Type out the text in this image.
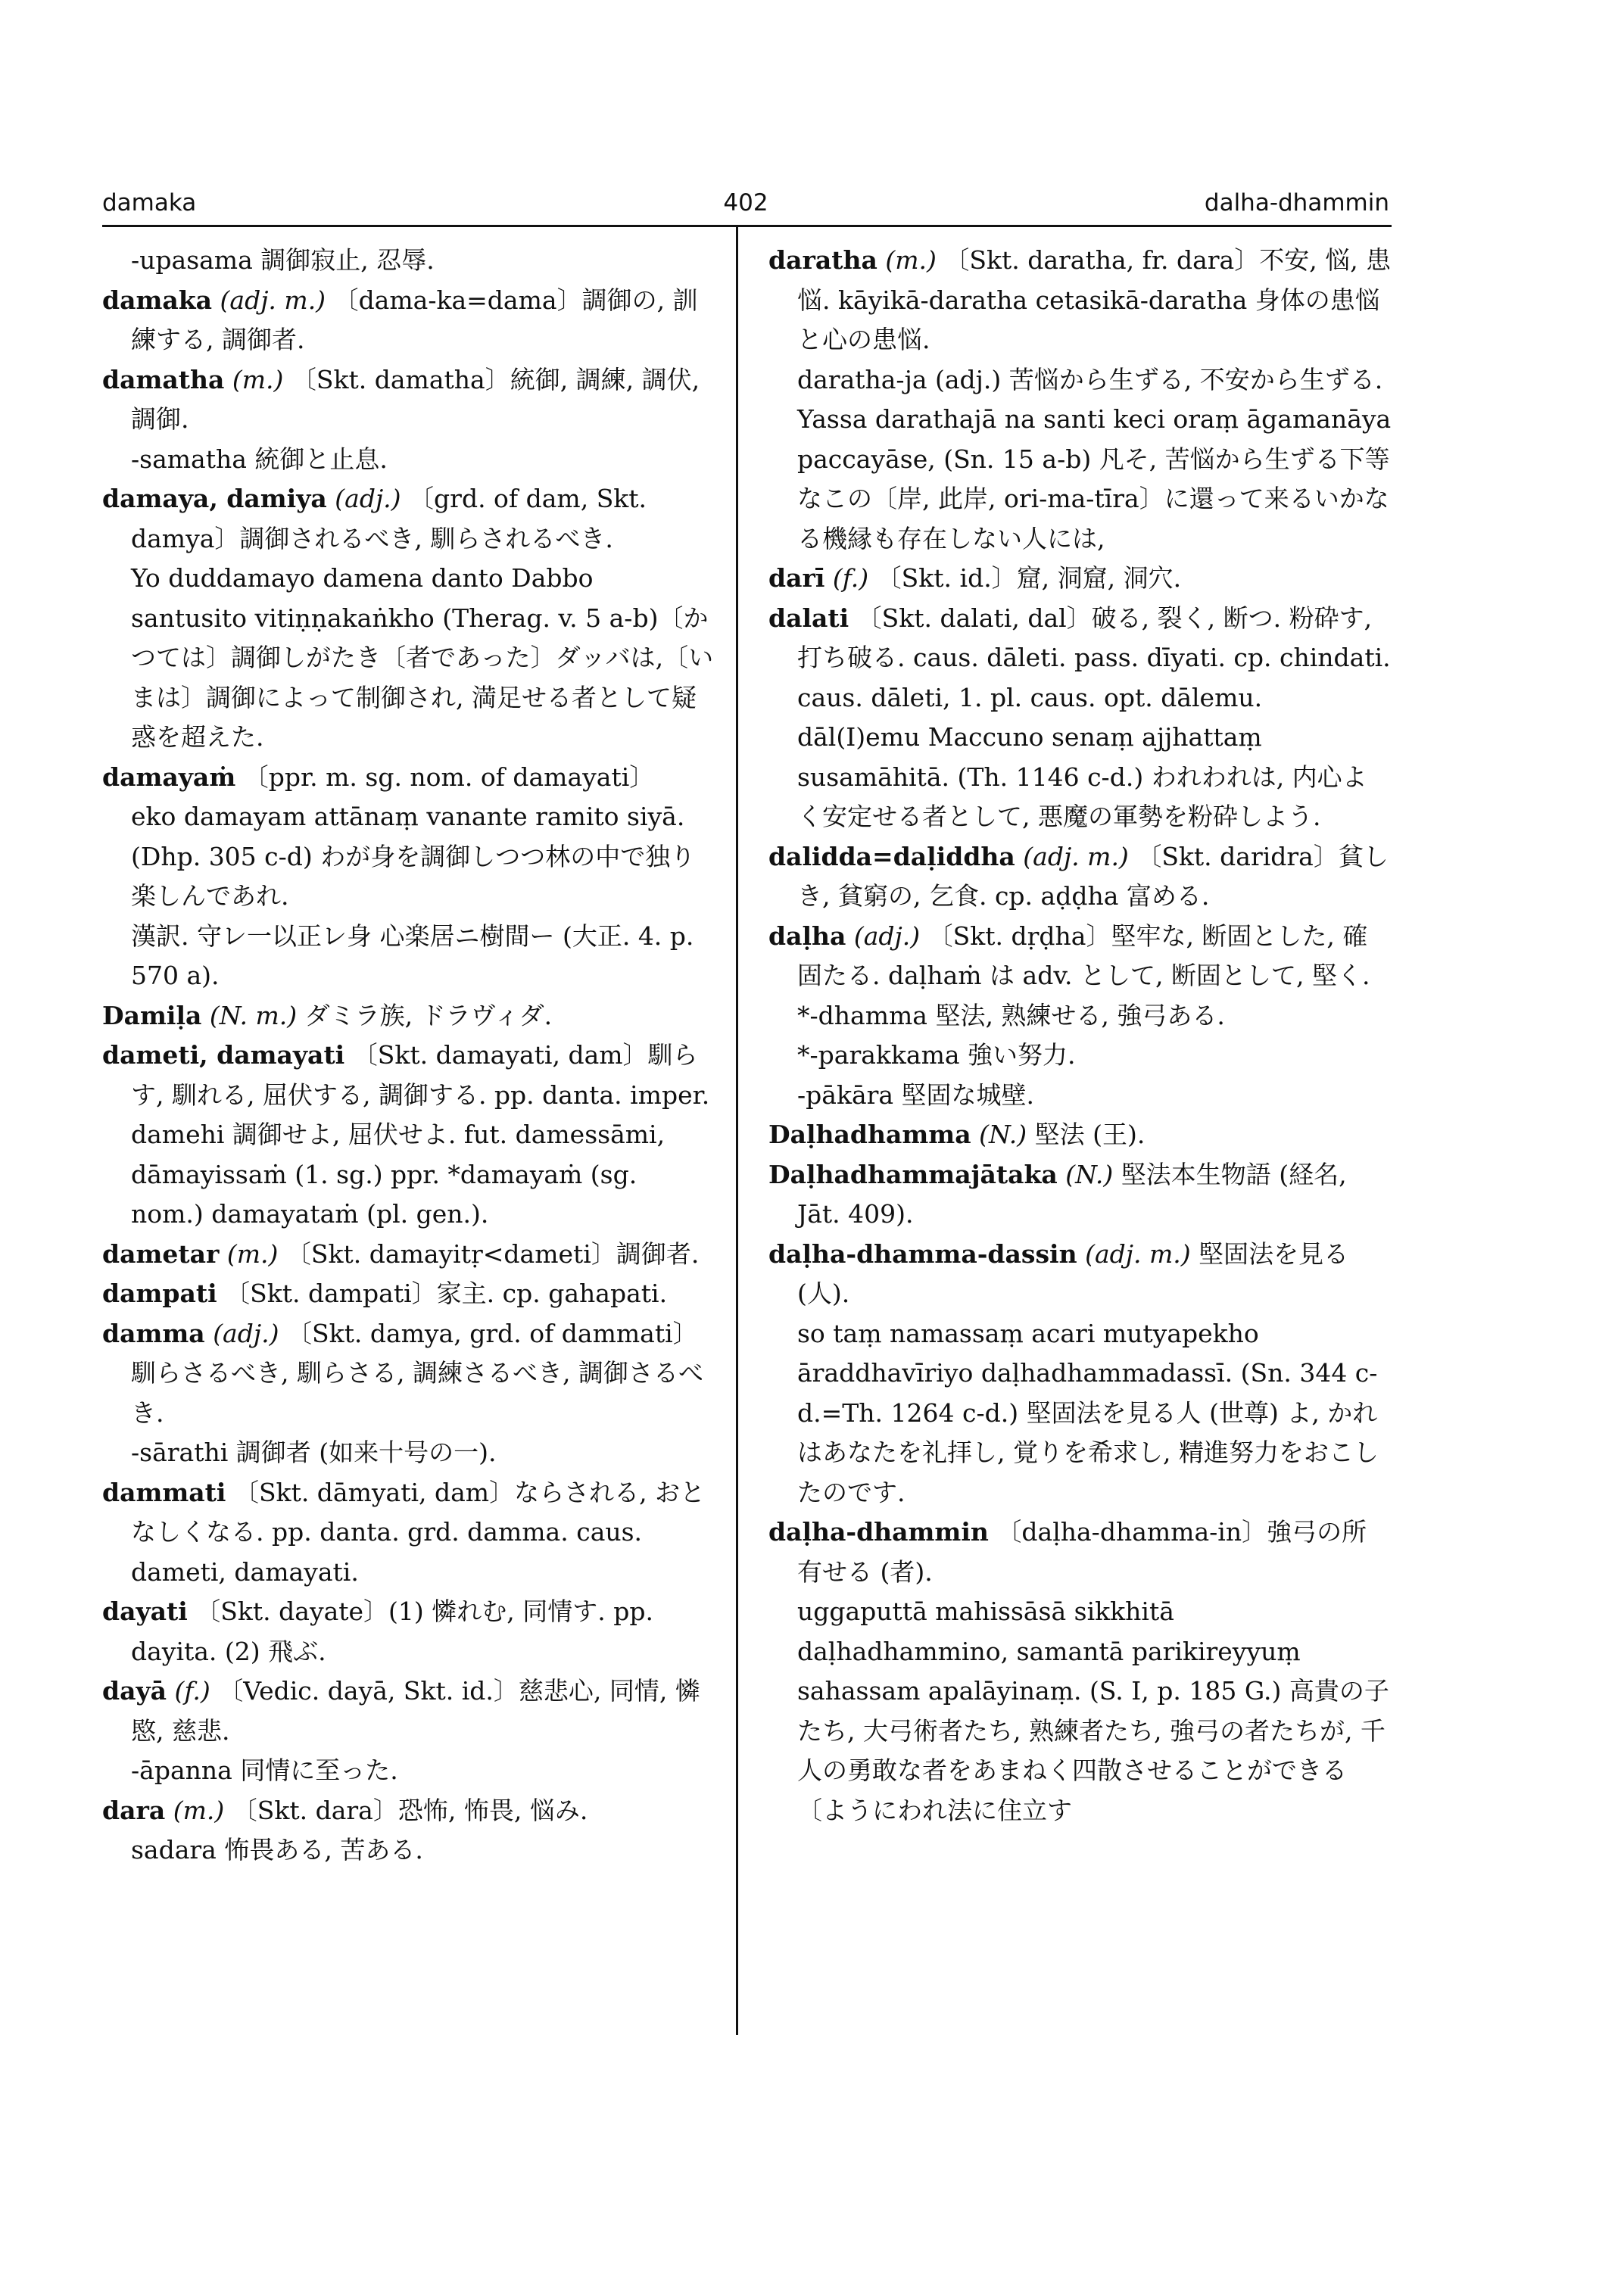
damaka	402	dalha-dhammin

-upasama 調御寂止, 忍辱.

damaka (adj. m.) 〔dama-ka=dama〕調御の, 訓練する, 調御者.

damatha (m.) 〔Skt. damatha〕統御, 調練, 調伏, 調御.

-samatha 統御と止息.

damaya, damiya (adj.) 〔grd. of dam, Skt. damya〕調御されるべき, 馴らされるべき.

Yo duddamayo damena danto Dabbo santusito vitiṇṇakaṅkho (Therag. v. 5 a-b)〔かつては〕調御しがたき〔者であった〕ダッバは,〔いまは〕調御によって制御され, 満足せる者として疑惑を超えた.

damayaṁ 〔ppr. m. sg. nom. of damayati〕

eko damayam attānaṃ vanante ramito siyā. (Dhp. 305 c-d) わが身を調御しつつ林の中で独り楽しんであれ.

漢訳. 守レ一以正レ身 心楽居ニ樹間ー (大正. 4. p. 570 a).

Damiḷa (N. m.) ダミラ族, ドラヴィダ.

dameti, damayati 〔Skt. damayati, dam〕馴らす, 馴れる, 屈伏する, 調御する. pp. danta. imper. damehi 調御せよ, 屈伏せよ. fut. damessāmi, dāmayissaṁ (1. sg.) ppr. *damayaṁ (sg. nom.) damayataṁ (pl. gen.).

dametar (m.) 〔Skt. damayitṛ<dameti〕調御者.

dampati 〔Skt. dampati〕家主. cp. gahapati.

damma (adj.) 〔Skt. damya, grd. of dammati〕馴らさるべき, 馴らさる, 調練さるべき, 調御さるべき.

-sārathi 調御者 (如来十号の一).

dammati 〔Skt. dāmyati, dam〕ならされる, おとなしくなる. pp. danta. grd. damma. caus. dameti, damayati.

dayati 〔Skt. dayate〕(1) 憐れむ, 同情す. pp. dayita. (2) 飛ぶ.

dayā (f.) 〔Vedic. dayā, Skt. id.〕慈悲心, 同情, 憐愍, 慈悲.

-āpanna 同情に至った.

dara (m.) 〔Skt. dara〕恐怖, 怖畏, 悩み.

sadara 怖畏ある, 苦ある.

daratha (m.) 〔Skt. daratha, fr. dara〕不安, 悩, 患悩. kāyikā-daratha cetasikā-daratha 身体の患悩と心の患悩.

daratha-ja (adj.) 苦悩から生ずる, 不安から生ずる.

Yassa darathajā na santi keci oraṃ āgamanāya paccayāse, (Sn. 15 a-b) 凡そ, 苦悩から生ずる下等なこの〔岸, 此岸, ori-ma-tīra〕に還って来るいかなる機縁も存在しない人には,

darī (f.) 〔Skt. id.〕窟, 洞窟, 洞穴.

dalati 〔Skt. dalati, dal〕破る, 裂く, 断つ. 粉砕す, 打ち破る. caus. dāleti. pass. dīyati. cp. chindati. caus. dāleti, 1. pl. caus. opt. dālemu.

dāl(I)emu Maccuno senaṃ ajjhattaṃ susamāhitā. (Th. 1146 c-d.) われわれは, 内心よく安定せる者として, 悪魔の軍勢を粉砕しよう.

dalidda=daḷiddha (adj. m.) 〔Skt. daridra〕貧しき, 貧窮の, 乞食. cp. aḍḍha 富める.

daḷha (adj.) 〔Skt. dṛḍha〕堅牢な, 断固とした, 確固たる. daḷhaṁ は adv. として, 断固として, 堅く.

*-dhamma 堅法, 熟練せる, 強弓ある.

*-parakkama 強い努力.

-pākāra 堅固な城壁.

Daḷhadhamma (N.) 堅法 (王).

Daḷhadhammajātaka (N.) 堅法本生物語 (経名, Jāt. 409).

daḷha-dhamma-dassin (adj. m.) 堅固法を見る (人).

so taṃ namassaṃ acari mutyapekho āraddhavīriyo daḷhadhammadassī. (Sn. 344 c-d.=Th. 1264 c-d.) 堅固法を見る人 (世尊) よ, かれはあなたを礼拝し, 覚りを希求し, 精進努力をおこしたのです.

daḷha-dhammin 〔daḷha-dhamma-in〕強弓の所有せる (者).

uggaputtā mahissāsā sikkhitā daḷhadhammino, samantā parikireyyuṃ sahassam apalāyinaṃ. (S. I, p. 185 G.) 高貴の子たち, 大弓術者たち, 熟練者たち, 強弓の者たちが, 千人の勇敢な者をあまねく四散させることができる〔ようにわれ法に住立す
